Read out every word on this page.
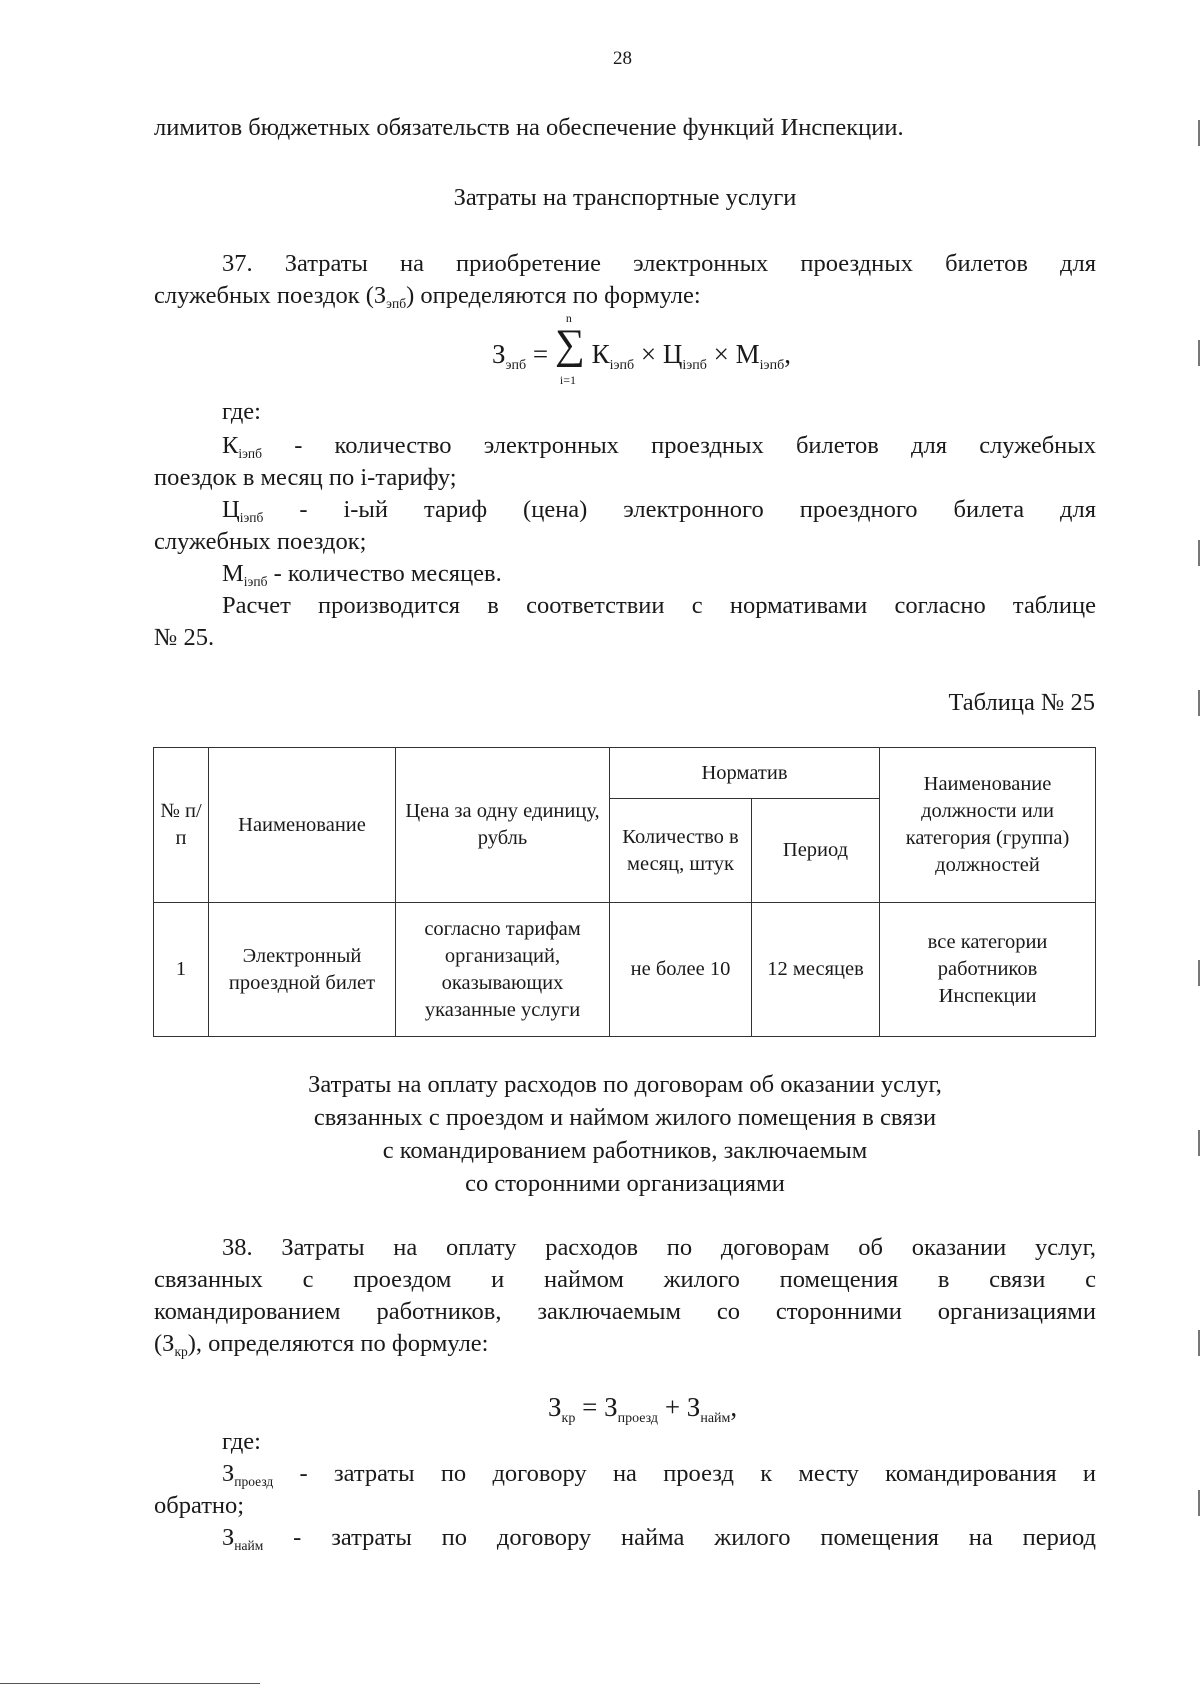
28
лимитов бюджетных обязательств на обеспечение функций Инспекции.
Затраты на транспортные услуги
37. Затраты на приобретение электронных проездных билетов для
служебных поездок $(З_{эпб})$ определяются по формуле:
$З_{эпб}$ =
n
∑
i=1
$К_{iэпб} \times Ц_{iэпб} \times М_{iэпб}$,
где:
$К_{iэпб}$ - количество электронных проездных билетов для служебных
поездок в месяц по i-тарифу;
$Ц_{iэпб} - i-ый$ тариф (цена) электронного проездного билета для
служебных поездок;
$М_{iэпб}$ - количество месяцев.
Расчет производится в соответствии с нормативами согласно таблице
№ 25.
Таблица № 25
№ п/п	Наименование	Цена за одну единицу, рубль	Норматив		Наименование должности или категория (группа) должностей
			Количество в месяц, штук	Период	
1	Электронный проездной билет	согласно тарифам организаций, оказывающих указанные услуги	не более 10	12 месяцев	все категории работников Инспекции
Затраты на оплату расходов по договорам об оказании услуг,
связанных с проездом и наймом жилого помещения в связи
с командированием работников, заключаемым
со сторонними организациями
38. Затраты на оплату расходов по договорам об оказании услуг,
связанных с проездом и наймом жилого помещения в связи с
командированием работников, заключаемым со сторонними организациями
$(З_{кр})$, определяются по формуле:
$З_{кр} = З_{проезд} + З_{найм}$,
где:
$З_{проезд}$ - затраты по договору на проезд к месту командирования и
обратно;
$З_{найм}$ - затраты по договору найма жилого помещения на период
